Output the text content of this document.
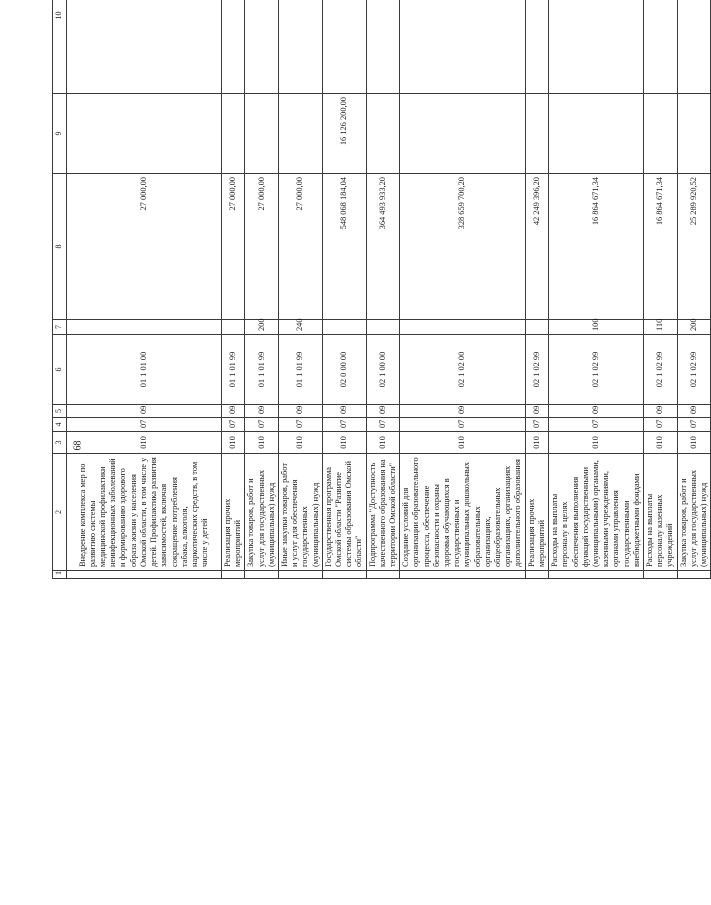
68
1	2	3	4	5	6	7	8	9	10			
	Внедрение комплекса мер по развитию системы медицинской профилактики неинфекционных заболеваний и формированию здорового образа жизни у населения Омской области, в том числе у детей. Профилактика развития зависимостей, включая сокращение потребления табака, алкоголя, наркотических средств, в том числе у детей	010	07	09	01 1 01 00		27 000,00					
	Реализация прочих мероприятий	010	07	09	01 1 01 99		27 000,00					
	Закупка товаров, работ и услуг для государственных (муниципальных) нужд	010	07	09	01 1 01 99	200	27 000,00					
	Иные закупки товаров, работ и услуг для обеспечения государственных (муниципальных) нужд	010	07	09	01 1 01 99	240	27 000,00					
	Государственная программа Омской области "Развитие системы образования Омской области"	010	07	09	02 0 00 00		548 068 184,04	16 126 200,00				
	Подпрограмма "Доступность качественного образования на территории Омской области"	010	07	09	02 1 00 00		364 493 933,20					
	Создание условий для организации образовательного процесса, обеспечение безопасности и охраны здоровья обучающихся в государственных и муниципальных дошкольных образовательных организациях, общеобразовательных организациях, организациях дополнительного образования	010	07	09	02 1 02 00		328 659 700,20					
	Реализация прочих мероприятий	010	07	09	02 1 02 99		42 249 396,20					
	Расходы на выплаты персоналу в целях обеспечения выполнения функций государственными (муниципальными) органами, казенными учреждениями, органами управления государственными внебюджетными фондами	010	07	09	02 1 02 99	100	16 864 671,34					
	Расходы на выплаты персоналу казенных учреждений	010	07	09	02 1 02 99	110	16 864 671,34					
	Закупка товаров, работ и услуг для государственных (муниципальных) нужд	010	07	09	02 1 02 99	200	25 289 920,52					
